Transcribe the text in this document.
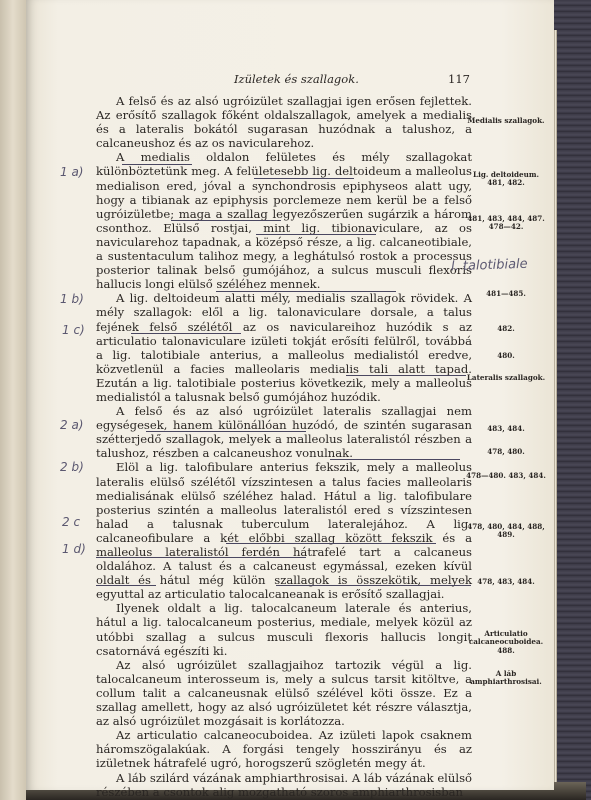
Izületek és szallagok.	117

A felső és az alsó ugróizület szallagjai igen erősen fejlettek. Az erősítő szallagok főként oldalszallagok, amelyek a medialis és a lateralis bokától sugarasan huzódnak a talushoz, a calcaneushoz és az os navicularehoz.

A medialis oldalon felületes és mély szallagokat különböztetünk meg. A felületesebb lig. deltoideum a malleolus medialison ered, jóval a synchondrosis epiphyseos alatt ugy, hogy a tibianak az epiphysis porclemeze nem kerül be a felső ugróizületbe; maga a szallag legyezőszerűen sugárzik a három csonthoz. Elülső rostjai, mint lig. tibionaviculare, az os navicularehoz tapadnak, a középső része, a lig. calcaneotibiale, a sustentaculum talihoz megy, a leghátulsó rostok a processus posterior talinak belső gumójához, a sulcus musculi flexoris hallucis longi elülső széléhez mennek.

A lig. deltoideum alatti mély, medialis szallagok rövidek. A mély szallagok: elől a lig. talonaviculare dorsale, a talus fejének felső szélétől az os naviculareihoz huzódik s az articulatio talonaviculare izületi tokját erősíti felülről, továbbá a lig. talotibiale anterius, a malleolus medialistól eredve, közvetlenül a facies malleolaris medialis tali alatt tapad. Ezután a lig. talotibiale posterius következik, mely a malleolus medialistól a talusnak belső gumójához huzódik.

A felső és az alsó ugróizület lateralis szallagjai nem egységesek, hanem különállóan huzódó, de szintén sugarasan szétterjedő szallagok, melyek a malleolus lateralistól részben a talushoz, részben a calcaneushoz vonulnak.

Elöl a lig. talofibulare anterius fekszik, mely a malleolus lateralis elülső szélétől vízszintesen a talus facies malleolaris medialisának elülső széléhez halad. Hátul a lig. talofibulare posterius szintén a malleolus lateralistól ered s vízszintesen halad a talusnak tuberculum lateralejához. A lig. calcaneofibulare a két előbbi szallag között fekszik és a malleolus lateralistól ferdén hátrafelé tart a calcaneus oldalához. A talust és a calcaneust egymással, ezeken kívül oldalt és hátul még külön szallagok is összekötik, melyek egyuttal az articulatio talocalcaneanak is erősítő szallagjai.

Ilyenek oldalt a lig. talocalcaneum laterale és anterius, hátul a lig. talocalcaneum posterius, mediale, melyek közül az utóbbi szallag a sulcus musculi flexoris hallucis longit csatornává egészíti ki.

Az alsó ugróizület szallagjaihoz tartozik végül a lig. talocalcaneum interosseum is, mely a sulcus tarsit kitöltve, a collum talit a calcaneusnak elülső szélével köti össze. Ez a szallag amellett, hogy az alsó ugróizületet két részre választja, az alsó ugróizület mozgásait is korlátozza.

Az articulatio calcaneocuboidea. Az izületi lapok csaknem háromszögalakúak. A forgási tengely hosszirányu és az izületnek hátrafelé ugró, horogszerű szögletén megy át.

A láb szilárd vázának amphiarthrosisai. A láb vázának elülső részében a csontok alig mozgatható szoros amphiarthrosisban

Medialis szallagok.
Lig. deltoideum. 481, 482.
481, 483, 484, 487. 478—42.
481—485.
482.
480.
Lateralis szallagok.
483, 484.
478, 480.
478—480. 483, 484.
478, 480, 484, 488, 489.
478, 483, 484.
Articulatio calcaneocuboidea. 488.
A láb amphiarthrosisai.
1 a)
1 b)
1 c)
2 a)
2 b)
2 c
1 d)
l. talotibiale
